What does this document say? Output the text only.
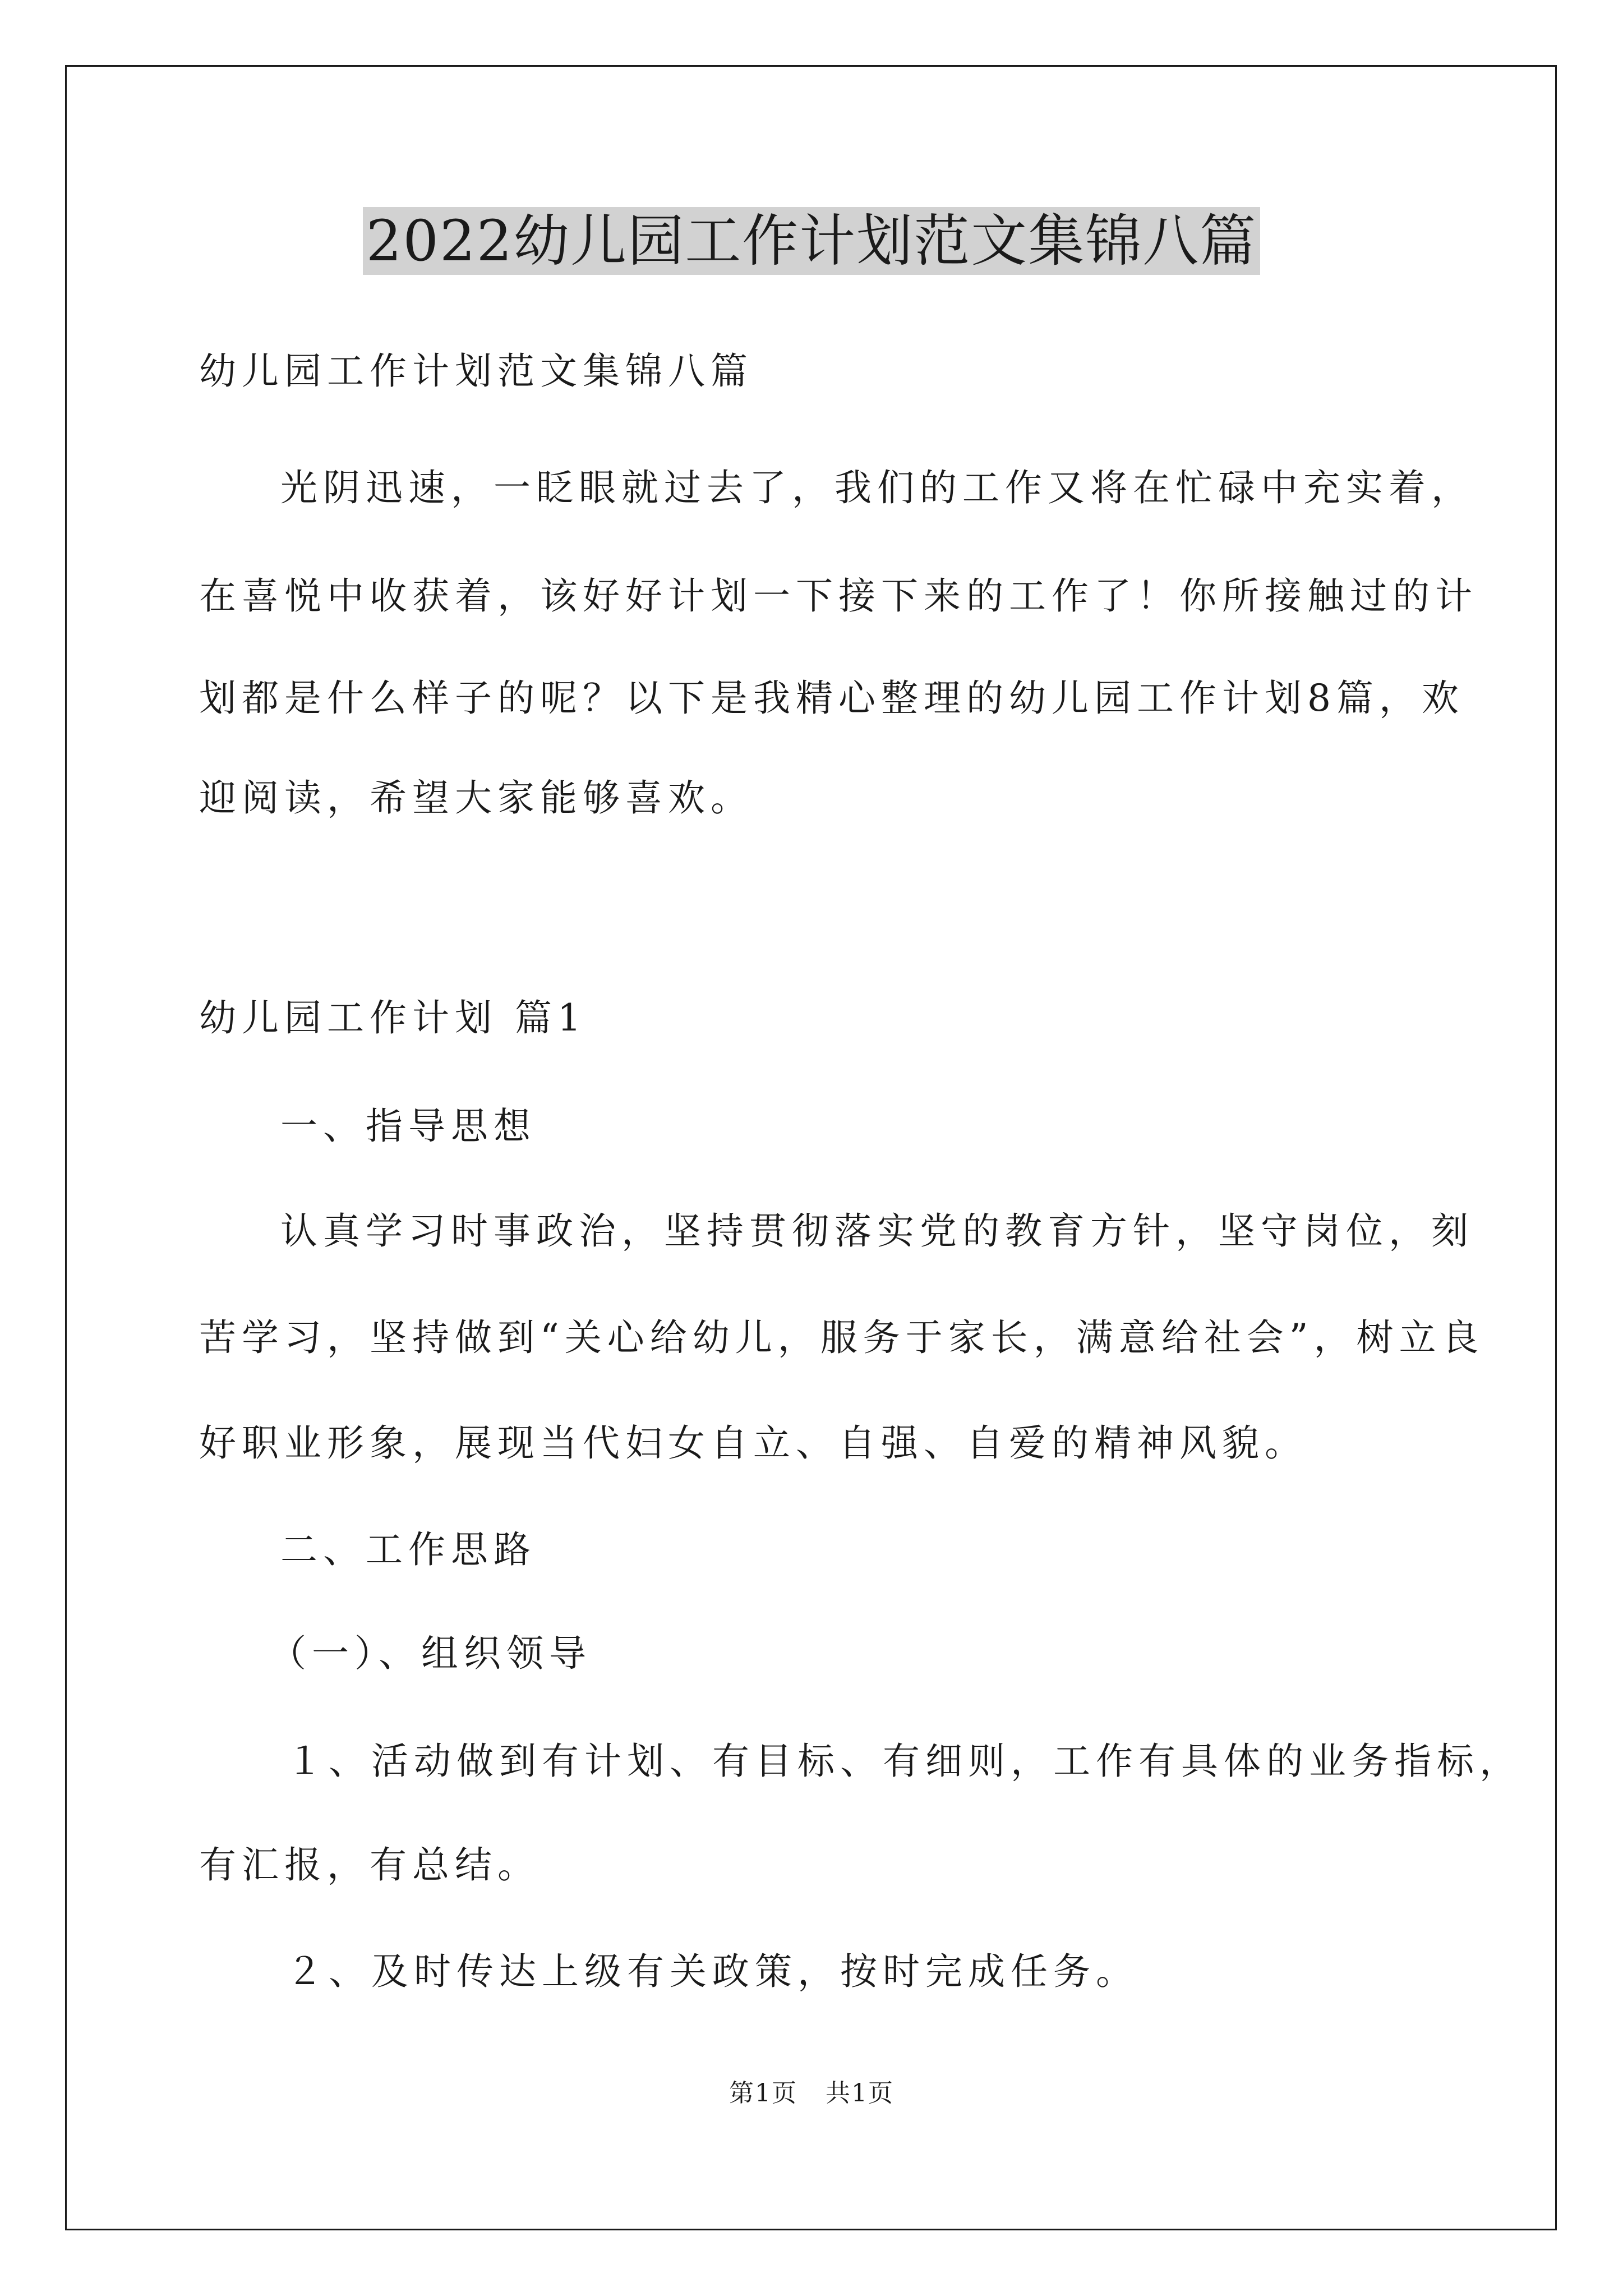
2022幼儿园工作计划范文集锦八篇
幼儿园工作计划范文集锦八篇
光阴迅速，一眨眼就过去了，我们的工作又将在忙碌中充实着，
在喜悦中收获着，该好好计划一下接下来的工作了！你所接触过的计
划都是什么样子的呢？以下是我精心整理的幼儿园工作计划8篇，欢
迎阅读，希望大家能够喜欢。
幼儿园工作计划 篇1
一、指导思想
认真学习时事政治，坚持贯彻落实党的教育方针，坚守岗位，刻
苦学习，坚持做到“关心给幼儿，服务于家长，满意给社会”，树立良
好职业形象，展现当代妇女自立、自强、自爱的精神风貌。
二、工作思路
（一）、组织领导
１、活动做到有计划、有目标、有细则，工作有具体的业务指标，
有汇报，有总结。
２、及时传达上级有关政策，按时完成任务。
第1页 共1页
